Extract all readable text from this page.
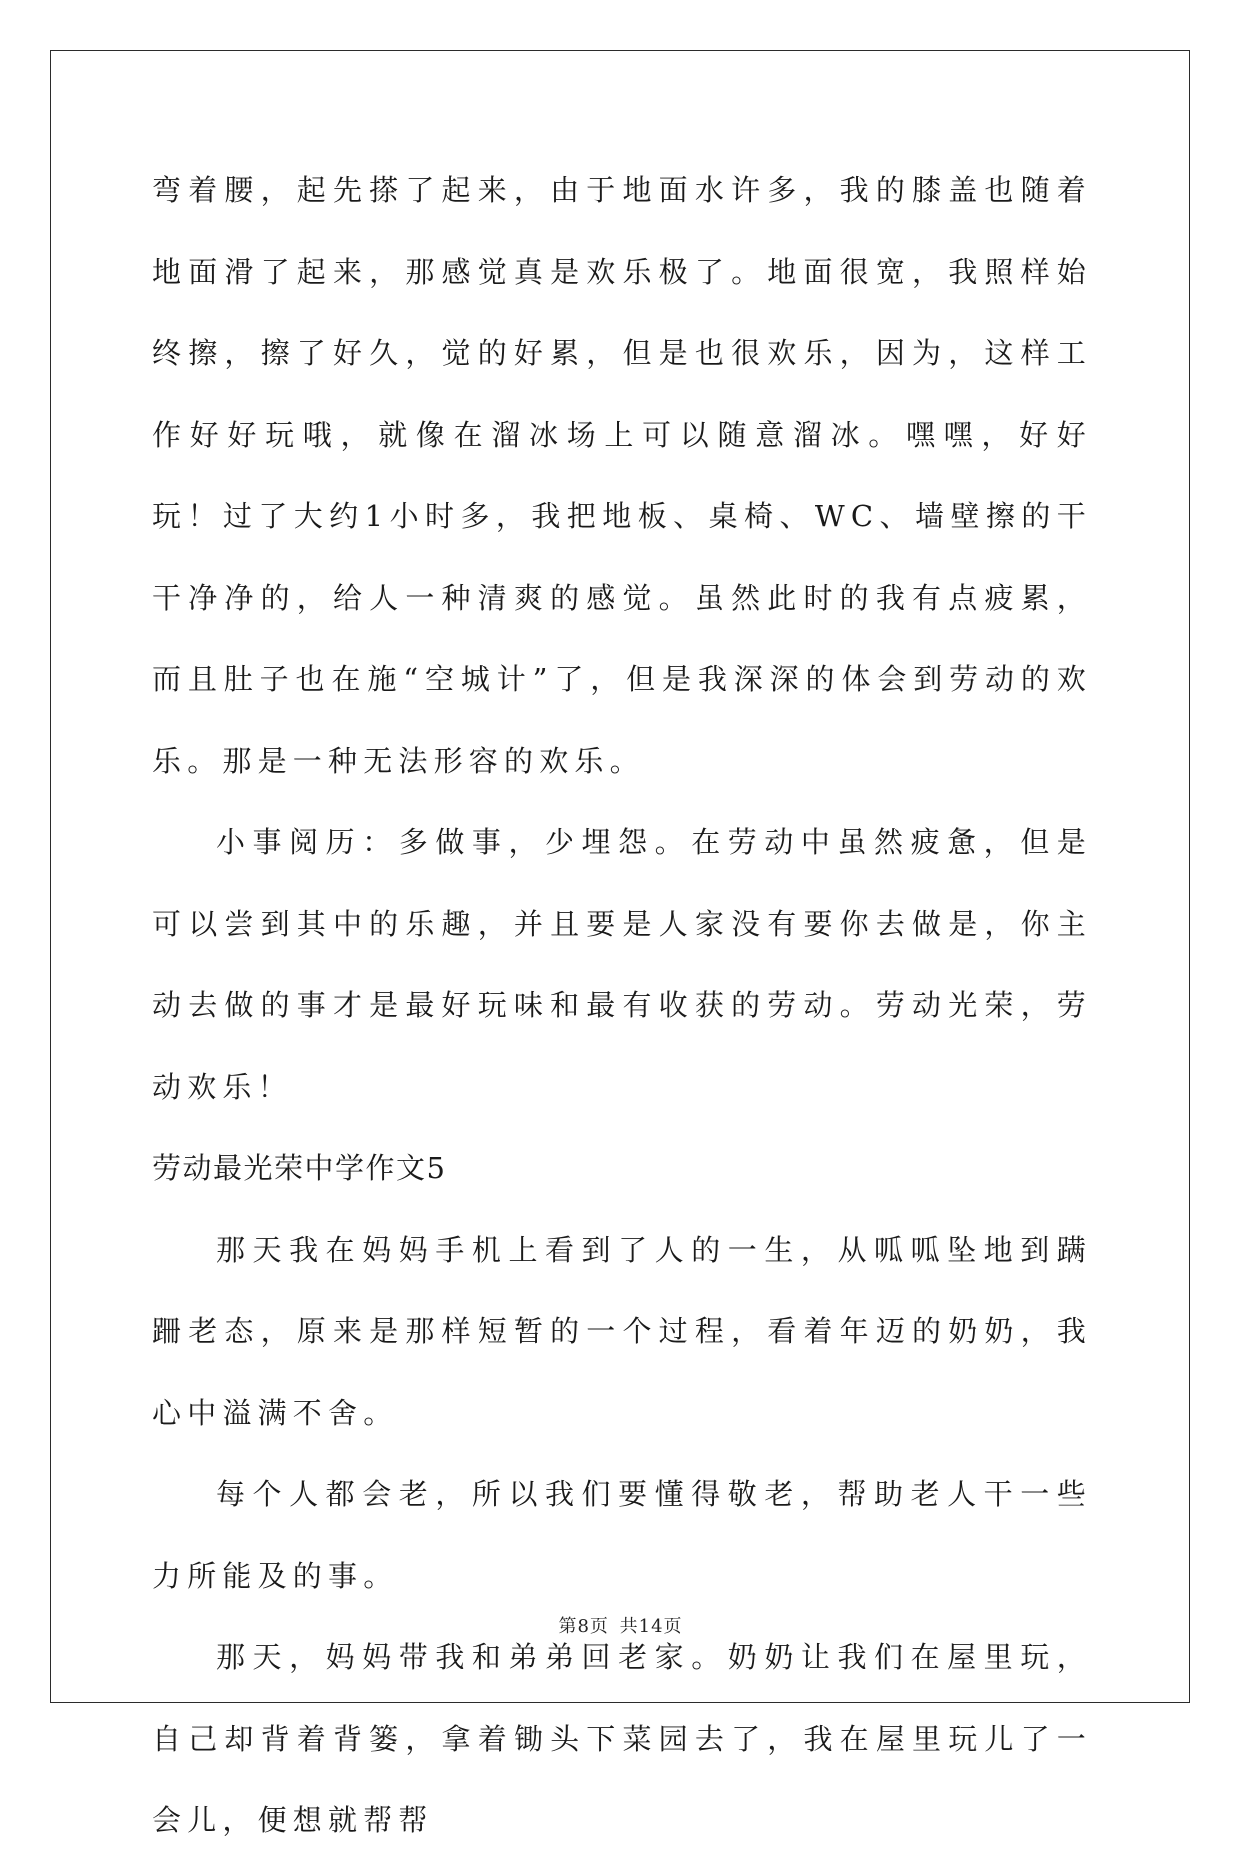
弯着腰，起先搽了起来，由于地面水许多，我的膝盖也随着地面滑了起来，那感觉真是欢乐极了。地面很宽，我照样始终擦，擦了好久，觉的好累，但是也很欢乐，因为，这样工作好好玩哦，就像在溜冰场上可以随意溜冰。嘿嘿，好好玩！过了大约1小时多，我把地板、桌椅、WC、墙壁擦的干干净净的，给人一种清爽的感觉。虽然此时的我有点疲累，而且肚子也在施“空城计”了，但是我深深的体会到劳动的欢乐。那是一种无法形容的欢乐。

小事阅历：多做事，少埋怨。在劳动中虽然疲惫，但是可以尝到其中的乐趣，并且要是人家没有要你去做是，你主动去做的事才是最好玩味和最有收获的劳动。劳动光荣，劳动欢乐！

劳动最光荣中学作文5

那天我在妈妈手机上看到了人的一生，从呱呱坠地到蹒跚老态，原来是那样短暂的一个过程，看着年迈的奶奶，我心中溢满不舍。

每个人都会老，所以我们要懂得敬老，帮助老人干一些力所能及的事。

那天，妈妈带我和弟弟回老家。奶奶让我们在屋里玩，自己却背着背篓，拿着锄头下菜园去了，我在屋里玩儿了一会儿，便想就帮帮

第8页 共14页
